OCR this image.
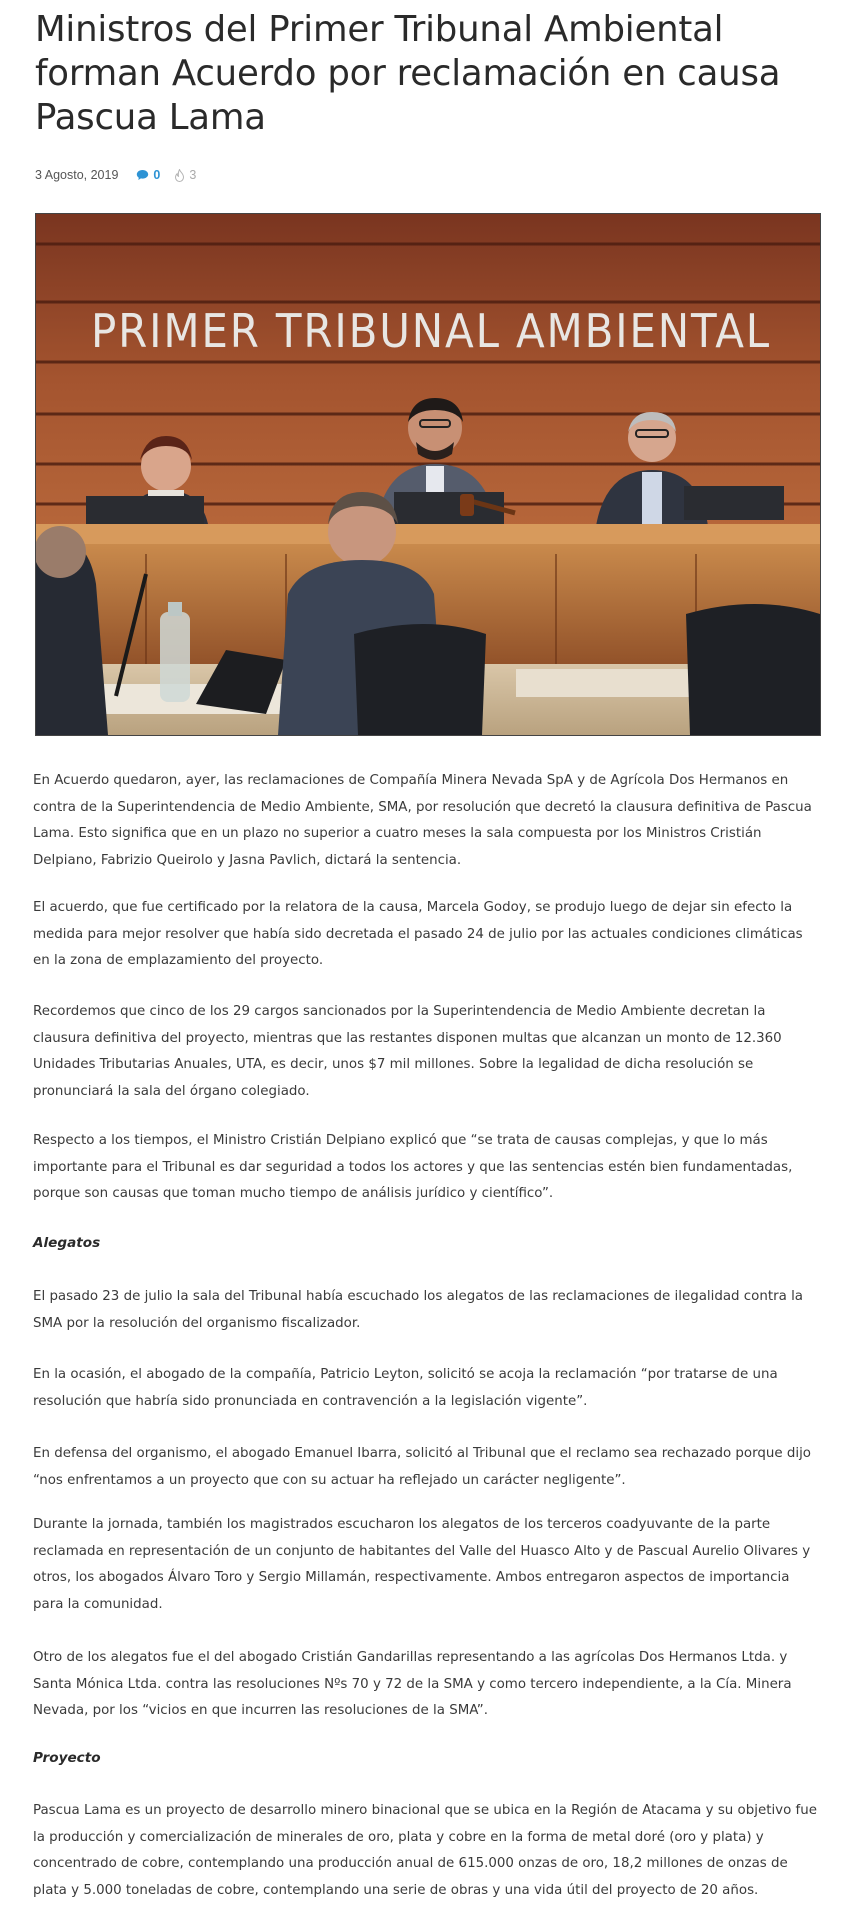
Ministros del Primer Tribunal Ambiental forman Acuerdo por reclamación en causa Pascua Lama
3 Agosto, 2019	0 3
PRIMER TRIBUNAL AMBIENTAL

En Acuerdo quedaron, ayer, las reclamaciones de Compañía Minera Nevada SpA y de Agrícola Dos Hermanos en contra de la Superintendencia de Medio Ambiente, SMA, por resolución que decretó la clausura definitiva de Pascua Lama. Esto significa que en un plazo no superior a cuatro meses la sala compuesta por los Ministros Cristián Delpiano, Fabrizio Queirolo y Jasna Pavlich, dictará la sentencia.

El acuerdo, que fue certificado por la relatora de la causa, Marcela Godoy, se produjo luego de dejar sin efecto la medida para mejor resolver que había sido decretada el pasado 24 de julio por las actuales condiciones climáticas en la zona de emplazamiento del proyecto.

Recordemos que cinco de los 29 cargos sancionados por la Superintendencia de Medio Ambiente decretan la clausura definitiva del proyecto, mientras que las restantes disponen multas que alcanzan un monto de 12.360 Unidades Tributarias Anuales, UTA, es decir, unos $7 mil millones. Sobre la legalidad de dicha resolución se pronunciará la sala del órgano colegiado.

Respecto a los tiempos, el Ministro Cristián Delpiano explicó que “se trata de causas complejas, y que lo más importante para el Tribunal es dar seguridad a todos los actores y que las sentencias estén bien fundamentadas, porque son causas que toman mucho tiempo de análisis jurídico y científico”.

Alegatos

El pasado 23 de julio la sala del Tribunal había escuchado los alegatos de las reclamaciones de ilegalidad contra la SMA por la resolución del organismo fiscalizador.

En la ocasión, el abogado de la compañía, Patricio Leyton, solicitó se acoja la reclamación “por tratarse de una resolución que habría sido pronunciada en contravención a la legislación vigente”.

En defensa del organismo, el abogado Emanuel Ibarra, solicitó al Tribunal que el reclamo sea rechazado porque dijo “nos enfrentamos a un proyecto que con su actuar ha reflejado un carácter negligente”.

Durante la jornada, también los magistrados escucharon los alegatos de los terceros coadyuvante de la parte reclamada en representación de un conjunto de habitantes del Valle del Huasco Alto y de Pascual Aurelio Olivares y otros, los abogados Álvaro Toro y Sergio Millamán, respectivamente. Ambos entregaron aspectos de importancia para la comunidad.

Otro de los alegatos fue el del abogado Cristián Gandarillas representando a las agrícolas Dos Hermanos Ltda. y Santa Mónica Ltda. contra las resoluciones Nºs 70 y 72 de la SMA y como tercero independiente, a la Cía. Minera Nevada, por los “vicios en que incurren las resoluciones de la SMA”.

Proyecto

Pascua Lama es un proyecto de desarrollo minero binacional que se ubica en la Región de Atacama y su objetivo fue la producción y comercialización de minerales de oro, plata y cobre en la forma de metal doré (oro y plata) y concentrado de cobre, contemplando una producción anual de 615.000 onzas de oro, 18,2 millones de onzas de plata y 5.000 toneladas de cobre, contemplando una serie de obras y una vida útil del proyecto de 20 años.
